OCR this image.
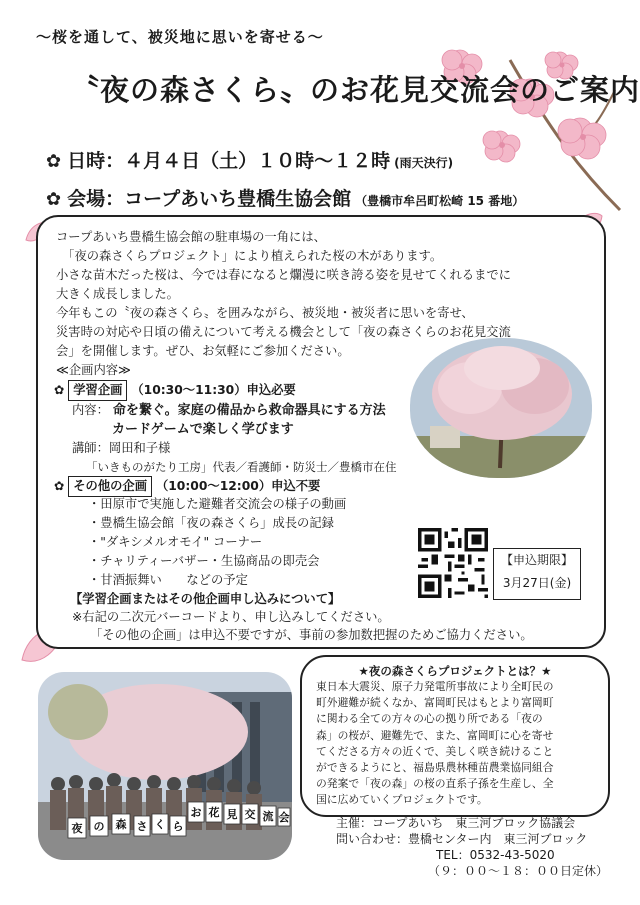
〜桜を通して、被災地に思いを寄せる〜
〝夜の森さくら〟のお花見交流会のご案内
✿ 日時：４月４日（土）１０時〜１２時 (雨天決行)
✿ 会場：コープあいち豊橋生協会館 （豊橋市牟呂町松崎 15 番地）
コープあいち豊橋生協会館の駐車場の一角には、
　「夜の森さくらプロジェクト」により植えられた桜の木があります。
小さな苗木だった桜は、今では春になると爛漫に咲き誇る姿を見せてくれるまでに
大きく成長しました。
今年もこの〝夜の森さくら〟を囲みながら、被災地・被災者に思いを寄せ、
災害時の対応や日頃の備えについて考える機会として「夜の森さくらのお花見交流
会」を開催します。ぜひ、お気軽にご参加ください。
≪企画内容≫
✿ 学習企画 （10:30〜11:30）申込必要
内容： 命を繋ぐ。家庭の備品から救命器具にする方法
カードゲームで楽しく学びます
講師：岡田和子様
「いきものがたり工房」代表／看護師・防災士／豊橋市在住
✿ その他の企画 （10:00〜12:00）申込不要
・田原市で実施した避難者交流会の様子の動画
・豊橋生協会館「夜の森さくら」成長の記録
・"ダキシメルオモイ" コーナー
・チャリティーバザー・生協商品の即売会
・甘酒振舞い　　などの予定
【学習企画またはその他企画申し込みについて】
※右記の二次元バーコードより、申し込みしてください。
「その他の企画」は申込不要ですが、事前の参加数把握のためご協力ください。
【申込期限】
3月27日(金)
夜 の 森 さ く ら
お 花 見 交 流 会
★夜の森さくらプロジェクトとは？★
東日本大震災、原子力発電所事故により全町民の
町外避難が続くなか、富岡町民はもとより富岡町
に関わる全ての方々の心の拠り所である「夜の
森」の桜が、避難先で、また、富岡町に心を寄せ
てくださる方々の近くで、美しく咲き続けること
ができるようにと、福島県農林種苗農業協同組合
の発案で「夜の森」の桜の直系子孫を生産し、全
国に広めていくプロジェクトです。
主催：コープあいち　東三河ブロック協議会
問い合わせ：豊橋センター内　東三河ブロック
TEL：0532-43-5020
（９：００〜１８：００日定休）
